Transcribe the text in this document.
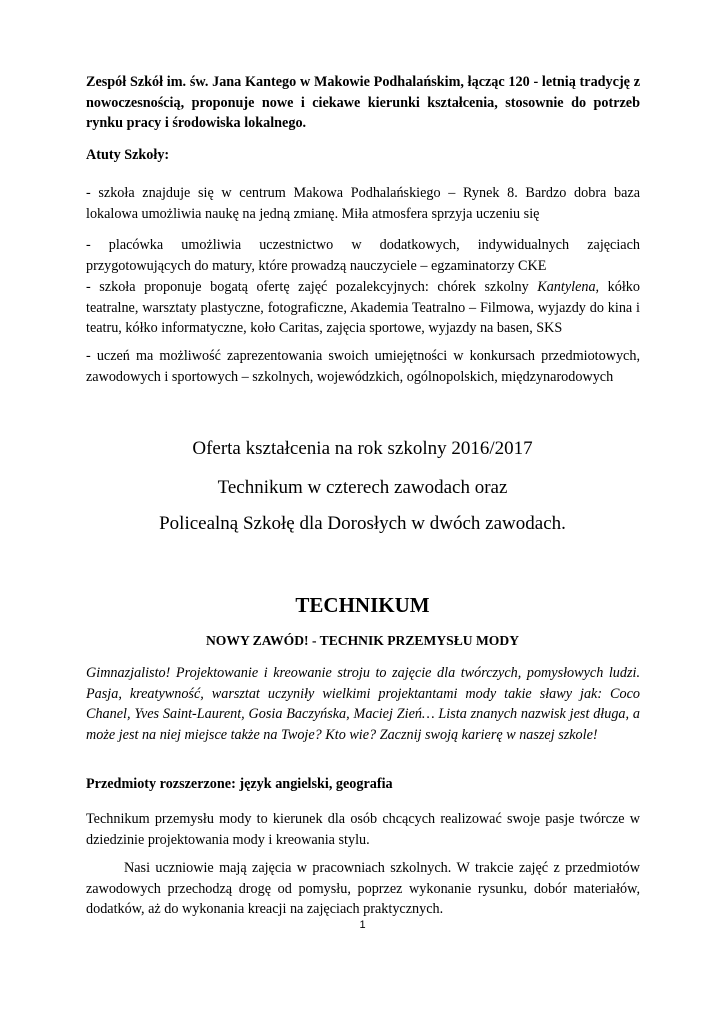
Zespół Szkół im. św. Jana Kantego w Makowie Podhalańskim, łącząc 120 - letnią tradycję z nowoczesnością, proponuje nowe i ciekawe kierunki kształcenia, stosownie do potrzeb rynku pracy i środowiska lokalnego.

Atuty Szkoły:

- szkoła znajduje się w centrum Makowa Podhalańskiego – Rynek 8. Bardzo dobra baza lokalowa umożliwia naukę na jedną zmianę. Miła atmosfera sprzyja uczeniu się

- placówka umożliwia uczestnictwo w dodatkowych, indywidualnych zajęciach przygotowujących do matury, które prowadzą nauczyciele – egzaminatorzy CKE

- szkoła proponuje bogatą ofertę zajęć pozalekcyjnych: chórek szkolny Kantylena, kółko teatralne, warsztaty plastyczne, fotograficzne, Akademia Teatralno – Filmowa, wyjazdy do kina i teatru, kółko informatyczne, koło Caritas, zajęcia sportowe, wyjazdy na basen, SKS

- uczeń ma możliwość zaprezentowania swoich umiejętności w konkursach przedmiotowych, zawodowych i sportowych – szkolnych, wojewódzkich, ogólnopolskich, międzynarodowych

Oferta kształcenia na rok szkolny 2016/2017
Technikum w czterech zawodach oraz
Policealną Szkołę dla Dorosłych w dwóch zawodach.
TECHNIKUM
NOWY ZAWÓD! - TECHNIK PRZEMYSŁU MODY

Gimnazjalisto! Projektowanie i kreowanie stroju to zajęcie dla twórczych, pomysłowych ludzi. Pasja, kreatywność, warsztat uczyniły wielkimi projektantami mody takie sławy jak: Coco Chanel, Yves Saint-Laurent, Gosia Baczyńska, Maciej Zień… Lista znanych nazwisk jest długa, a może jest na niej miejsce także na Twoje? Kto wie? Zacznij swoją karierę w naszej szkole!

Przedmioty rozszerzone: język angielski, geografia

Technikum przemysłu mody to kierunek dla osób chcących realizować swoje pasje twórcze w dziedzinie projektowania mody i kreowania stylu.

Nasi uczniowie mają zajęcia w pracowniach szkolnych. W trakcie zajęć z przedmiotów zawodowych przechodzą drogę od pomysłu, poprzez wykonanie rysunku, dobór materiałów, dodatków, aż do wykonania kreacji na zajęciach praktycznych.

1
